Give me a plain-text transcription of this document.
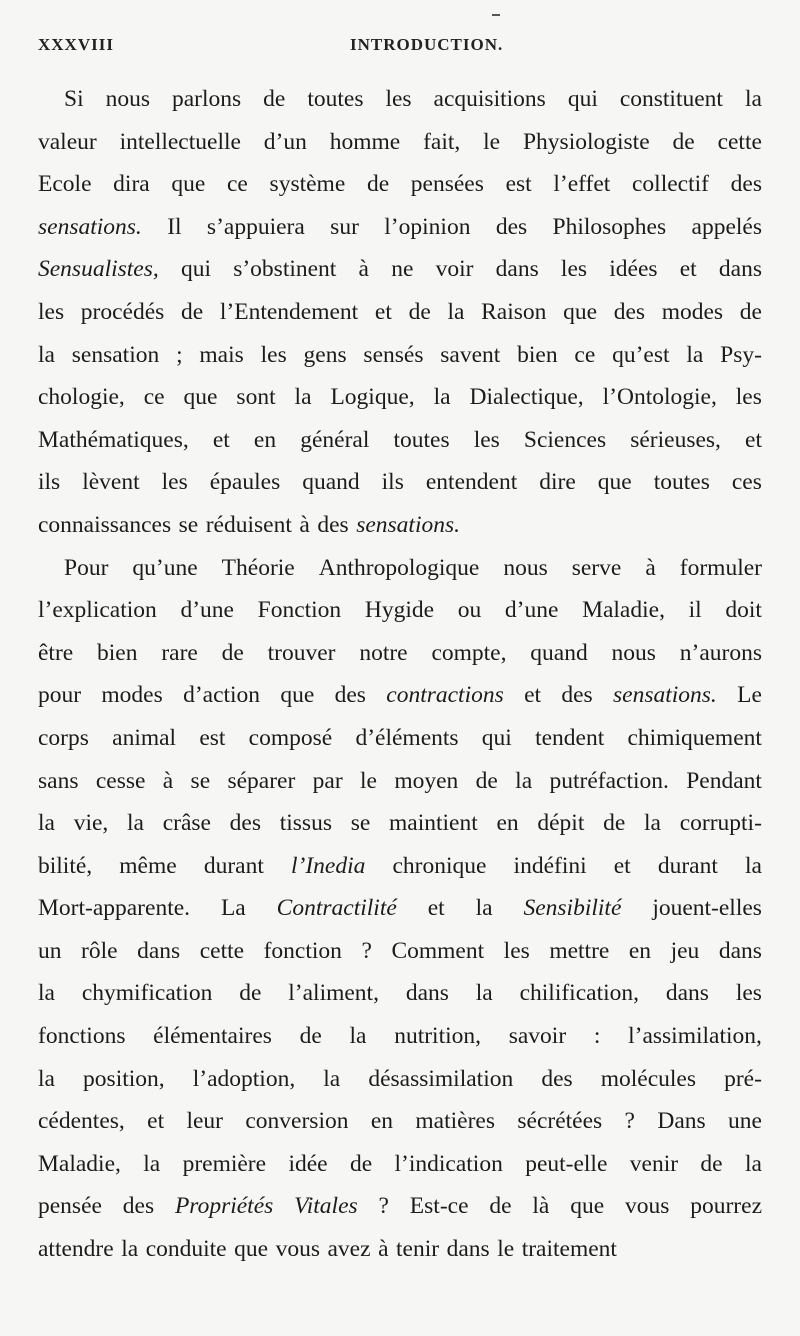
XXXVIII	INTRODUCTION.
Si nous parlons de toutes les acquisitions qui constituent la
valeur intellectuelle d’un homme fait, le Physiologiste de cette
Ecole dira que ce système de pensées est l’effet collectif des
sensations. Il s’appuiera sur l’opinion des Philosophes appelés
Sensualistes, qui s’obstinent à ne voir dans les idées et dans
les procédés de l’Entendement et de la Raison que des modes de
la sensation ; mais les gens sensés savent bien ce qu’est la Psy-
chologie, ce que sont la Logique, la Dialectique, l’Ontologie, les
Mathématiques, et en général toutes les Sciences sérieuses, et
ils lèvent les épaules quand ils entendent dire que toutes ces
connaissances se réduisent à des sensations.
Pour qu’une Théorie Anthropologique nous serve à formuler
l’explication d’une Fonction Hygide ou d’une Maladie, il doit
être bien rare de trouver notre compte, quand nous n’aurons
pour modes d’action que des contractions et des sensations. Le
corps animal est composé d’éléments qui tendent chimiquement
sans cesse à se séparer par le moyen de la putréfaction. Pendant
la vie, la crâse des tissus se maintient en dépit de la corrupti-
bilité, même durant l’Inedia chronique indéfini et durant la
Mort-apparente. La Contractilité et la Sensibilité jouent-elles
un rôle dans cette fonction ? Comment les mettre en jeu dans
la chymification de l’aliment, dans la chilification, dans les
fonctions élémentaires de la nutrition, savoir : l’assimilation,
la position, l’adoption, la désassimilation des molécules pré-
cédentes, et leur conversion en matières sécrétées ? Dans une
Maladie, la première idée de l’indication peut-elle venir de la
pensée des Propriétés Vitales ? Est-ce de là que vous pourrez
attendre la conduite que vous avez à tenir dans le traitement
